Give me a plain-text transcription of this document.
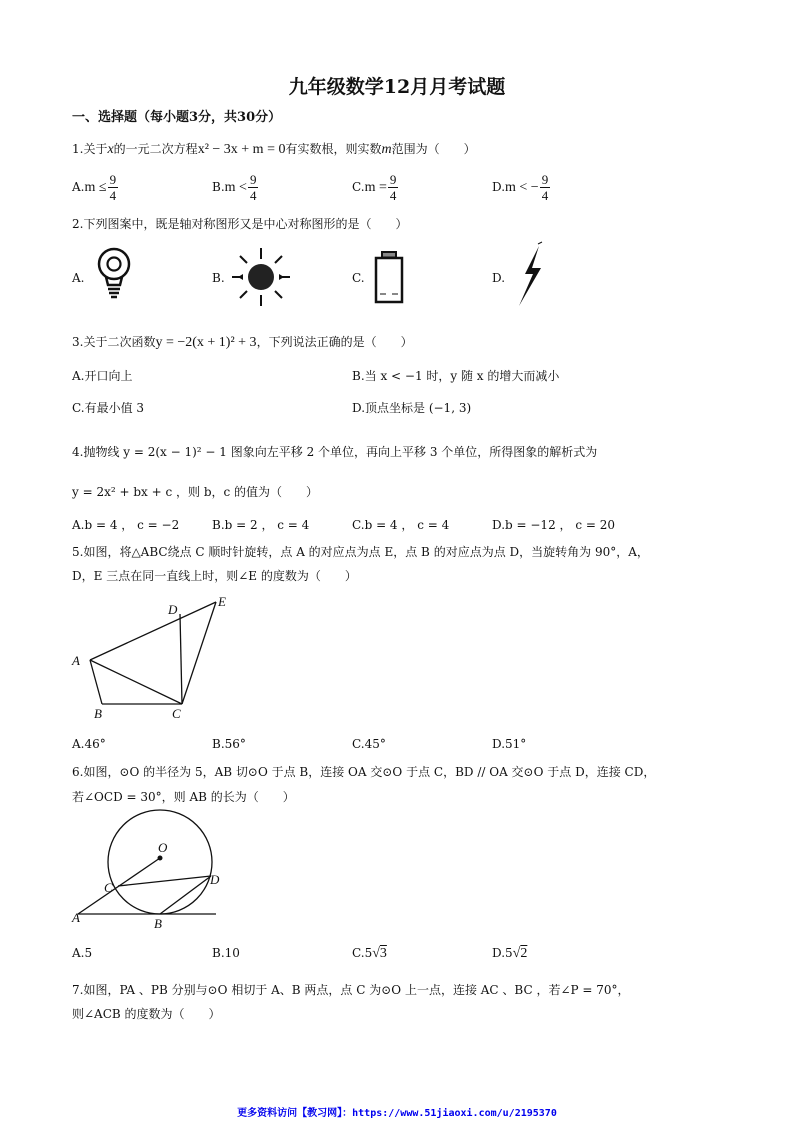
九年级数学12月月考试题
一、选择题（每小题3分，共30分）
1.关于x的一元二次方程x² − 3x + m = 0有实数根，则实数m范围为（　　）
$A.m \le \frac{9}{4}$	$B.m < \frac{9}{4}$	$C.m = \frac{9}{4}$	D.m < − $\frac{9}{4}$
2.下列图案中，既是轴对称图形又是中心对称图形的是（　　）
A.	B.	C.	D.
3.关于二次函数y = −2(x + 1)² + 3，下列说法正确的是（　　）
A.开口向上	B.当 x < −1 时，y 随 x 的增大而减小
C.有最小值 3	D.顶点坐标是 (−1, 3)
4.抛物线 y = 2(x − 1)² − 1 图象向左平移 2 个单位，再向上平移 3 个单位，所得图象的解析式为
y = 2x² + bx + c ，则 b，c 的值为（　　）
A.b = 4 ， c = −2	B.b = 2 ， c = 4	C.b = 4 ， c = 4	D.b = −12 ， c = 20
5.如图，将△ABC绕点 C 顺时针旋转，点 A 的对应点为点 E，点 B 的对应点为点 D，当旋转角为 90°，A，
D，E 三点在同一直线上时，则∠E 的度数为（　　）
D
E
A
B	C
A.46°	B.56°	C.45°	D.51°
6.如图，⊙O 的半径为 5，AB 切⊙O 于点 B，连接 OA 交⊙O 于点 C，BD // OA 交⊙O 于点 D，连接 CD，
若∠OCD = 30°，则 AB 的长为（　　）
O
C
D
A	B
A.5	B.10	C.5√3	D.5√2
7.如图，PA 、PB 分别与⊙O 相切于 A、B 两点，点 C 为⊙O 上一点，连接 AC 、BC ，若∠P = 70°，
则∠ACB 的度数为（　　）
更多资料访问【教习网】：https://www.51jiaoxi.com/u/2195370
